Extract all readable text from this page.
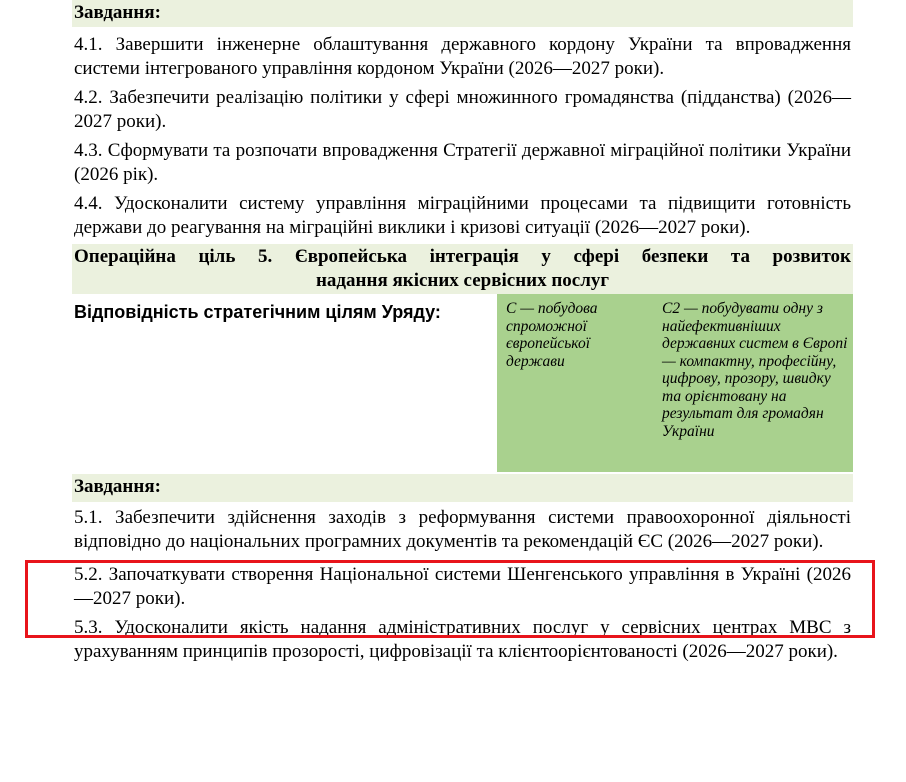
Завдання:
4.1. Завершити інженерне облаштування державного кордону України та впровадження системи інтегрованого управління кордоном України (2026—2027 роки).
4.2. Забезпечити реалізацію політики у сфері множинного громадянства (підданства) (2026—2027 роки).
4.3. Сформувати та розпочати впровадження Стратегії державної міграційної політики України (2026 рік).
4.4. Удосконалити систему управління міграційними процесами та підвищити готовність держави до реагування на міграційні виклики і кризові ситуації (2026—2027 роки).
Операційна ціль 5. Європейська інтеграція у сфері безпеки та розвиток
надання якісних сервісних послуг
Відповідність стратегічним цілям Уряду:	С — побудова спроможної європейської держави
С2 — побудувати одну з найефективніших державних систем в Європі — компактну, професійну, цифрову, прозору, швидку та орієнтовану на результат для громадян України
Завдання:
5.1. Забезпечити здійснення заходів з реформування системи правоохоронної діяльності відповідно до національних програмних документів та рекомендацій ЄС (2026—2027 роки).
5.2. Започаткувати створення Національної системи Шенгенського управління в Україні (2026—2027 роки).
5.3. Удосконалити якість надання адміністративних послуг у сервісних центрах МВС з урахуванням принципів прозорості, цифровізації та клієнтоорієнтованості (2026—2027 роки).
